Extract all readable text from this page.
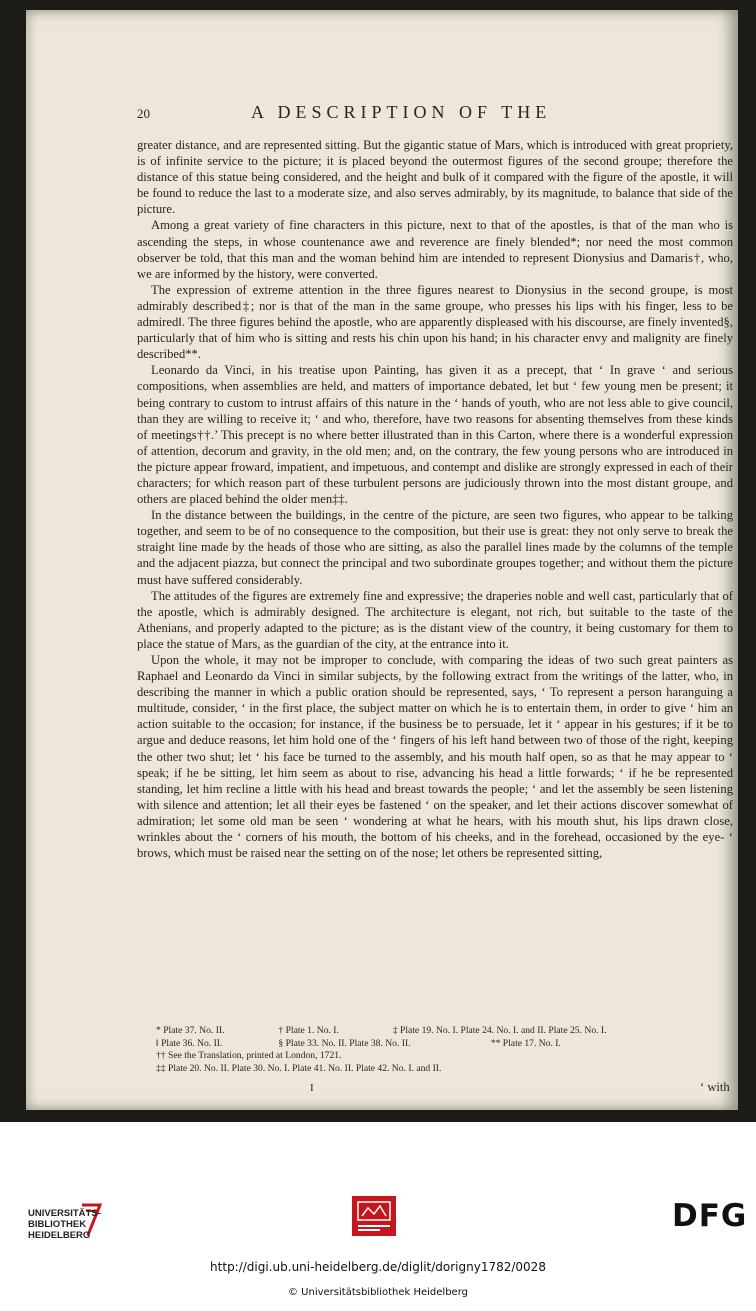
20	A DESCRIPTION OF THE

greater distance, and are represented sitting. But the gigantic statue of Mars, which is introduced with great propriety, is of infinite service to the picture; it is placed beyond the outermost figures of the second groupe; therefore the distance of this statue being considered, and the height and bulk of it compared with the figure of the apostle, it will be found to reduce the last to a moderate size, and also serves admirably, by its magnitude, to balance that side of the picture.

Among a great variety of fine characters in this picture, next to that of the apostles, is that of the man who is ascending the steps, in whose countenance awe and reverence are finely blended*; nor need the most common observer be told, that this man and the woman behind him are intended to represent Dionysius and Damaris†, who, we are informed by the history, were converted.

The expression of extreme attention in the three figures nearest to Dionysius in the second groupe, is most admirably described‡; nor is that of the man in the same groupe, who presses his lips with his finger, less to be admired‖. The three figures behind the apostle, who are apparently displeased with his discourse, are finely invented§, particularly that of him who is sitting and rests his chin upon his hand; in his character envy and malignity are finely described**.

Leonardo da Vinci, in his treatise upon Painting, has given it as a precept, that ‘ In grave ‘ and serious compositions, when assemblies are held, and matters of importance debated, let but ‘ few young men be present; it being contrary to custom to intrust affairs of this nature in the ‘ hands of youth, who are not less able to give council, than they are willing to receive it; ‘ and who, therefore, have two reasons for absenting themselves from these kinds of meetings††.’ This precept is no where better illustrated than in this Carton, where there is a wonderful expression of attention, decorum and gravity, in the old men; and, on the contrary, the few young persons who are introduced in the picture appear froward, impatient, and impetuous, and contempt and dislike are strongly expressed in each of their characters; for which reason part of these turbulent persons are judiciously thrown into the most distant groupe, and others are placed behind the older men‡‡.

In the distance between the buildings, in the centre of the picture, are seen two figures, who appear to be talking together, and seem to be of no consequence to the composition, but their use is great: they not only serve to break the straight line made by the heads of those who are sitting, as also the parallel lines made by the columns of the temple and the adjacent piazza, but connect the principal and two subordinate groupes together; and without them the picture must have suffered considerably.

The attitudes of the figures are extremely fine and expressive; the draperies noble and well cast, particularly that of the apostle, which is admirably designed. The architecture is elegant, not rich, but suitable to the taste of the Athenians, and properly adapted to the picture; as is the distant view of the country, it being customary for them to place the statue of Mars, as the guardian of the city, at the entrance into it.

Upon the whole, it may not be improper to conclude, with comparing the ideas of two such great painters as Raphael and Leonardo da Vinci in similar subjects, by the following extract from the writings of the latter, who, in describing the manner in which a public oration should be represented, says, ‘ To represent a person haranguing a multitude, consider, ‘ in the first place, the subject matter on which he is to entertain them, in order to give ‘ him an action suitable to the occasion; for instance, if the business be to persuade, let it ‘ appear in his gestures; if it be to argue and deduce reasons, let him hold one of the ‘ fingers of his left hand between two of those of the right, keeping the other two shut; let ‘ his face be turned to the assembly, and his mouth half open, so as that he may appear to ‘ speak; if he be sitting, let him seem as about to rise, advancing his head a little forwards; ‘ if he be represented standing, let him recline a little with his head and breast towards the people; ‘ and let the assembly be seen listening with silence and attention; let all their eyes be fastened ‘ on the speaker, and let their actions discover somewhat of admiration; let some old man be seen ‘ wondering at what he hears, with his mouth shut, his lips drawn close, wrinkles about the ‘ corners of his mouth, the bottom of his cheeks, and in the forehead, occasioned by the eye- ‘ brows, which must be raised near the setting on of the nose; let others be represented sitting,

* Plate 37. No. II.	† Plate 1. No. I.	‡ Plate 19. No. I. Plate 24. No. I. and II. Plate 25. No. I.
‖ Plate 36. No. II.	§ Plate 33. No. II. Plate 38. No. II.	** Plate 17. No. I.
†† See the Translation, printed at London, 1721.
‡‡ Plate 20. No. II. Plate 30. No. I. Plate 41. No. II. Plate 42. No. I. and II.
I	‘ with
UNIVERSITÄTS-
BIBLIOTHEK
HEIDELBERG
DFG
http://digi.ub.uni-heidelberg.de/diglit/dorigny1782/0028
© Universitätsbibliothek Heidelberg
